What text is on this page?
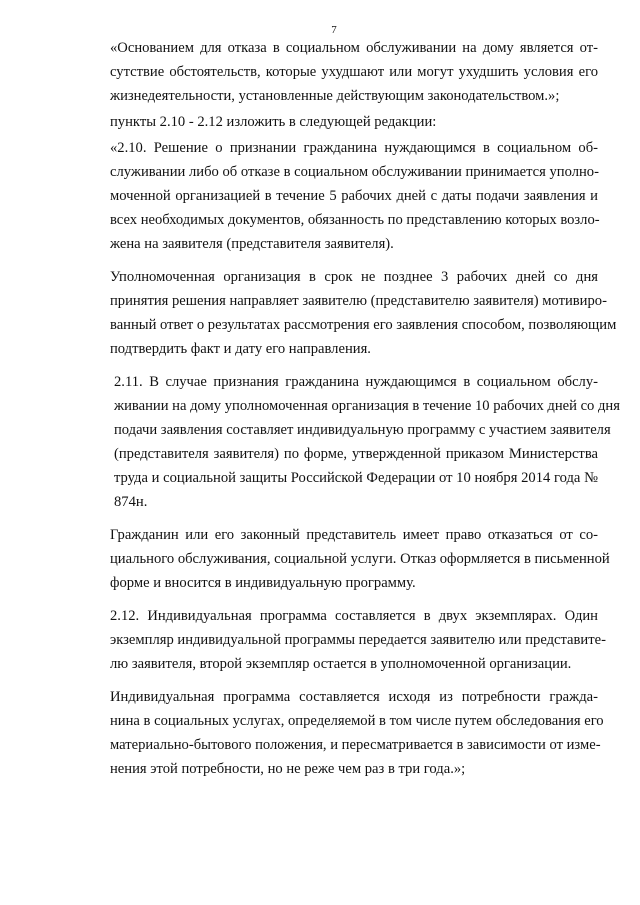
7

«Основанием для отказа в социальном обслуживании на дому является от-
сутствие обстоятельств, которые ухудшают или могут ухудшить условия его
жизнедеятельности, установленные действующим законодательством.»;

пункты 2.10 - 2.12 изложить в следующей редакции:

«2.10. Решение о признании гражданина нуждающимся в социальном об-
служивании либо об отказе в социальном обслуживании принимается уполно-
моченной организацией в течение 5 рабочих дней с даты подачи заявления и
всех необходимых документов, обязанность по представлению которых возло-
жена на заявителя (представителя заявителя).

Уполномоченная организация в срок не позднее 3 рабочих дней со дня
принятия решения направляет заявителю (представителю заявителя) мотивиро-
ванный ответ о результатах рассмотрения его заявления способом, позволяющим
подтвердить факт и дату его направления.

2.11. В случае признания гражданина нуждающимся в социальном обслу-
живании на дому уполномоченная организация в течение 10 рабочих дней со дня
подачи заявления составляет индивидуальную программу с участием заявителя
(представителя заявителя) по форме, утвержденной приказом Министерства
труда и социальной защиты Российской Федерации от 10 ноября 2014 года №
874н.

Гражданин или его законный представитель имеет право отказаться от со-
циального обслуживания, социальной услуги. Отказ оформляется в письменной
форме и вносится в индивидуальную программу.

2.12. Индивидуальная программа составляется в двух экземплярах. Один
экземпляр индивидуальной программы передается заявителю или представите-
лю заявителя, второй экземпляр остается в уполномоченной организации.

Индивидуальная программа составляется исходя из потребности гражда-
нина в социальных услугах, определяемой в том числе путем обследования его
материально-бытового положения, и пересматривается в зависимости от изме-
нения этой потребности, но не реже чем раз в три года.»;
